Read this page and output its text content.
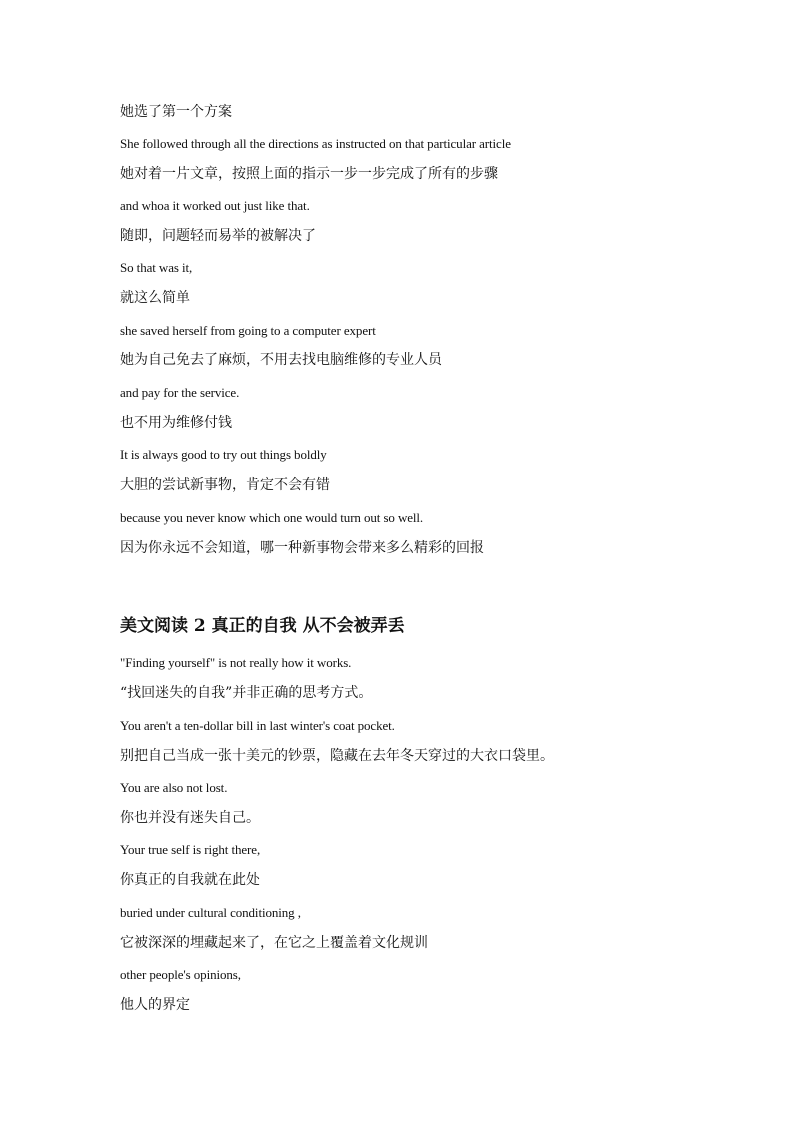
她选了第一个方案
She followed through all the directions as instructed on that particular article
她对着一片文章，按照上面的指示一步一步完成了所有的步骤
and whoa it worked out just like that.
随即，问题轻而易举的被解决了
So that was it,
就这么简单
she saved herself from going to a computer expert
她为自己免去了麻烦，不用去找电脑维修的专业人员
and pay for the service.
也不用为维修付钱
It is always good to try out things boldly
大胆的尝试新事物，肯定不会有错
because you never know which one would turn out so well.
因为你永远不会知道，哪一种新事物会带来多么精彩的回报
美文阅读 2 真正的自我 从不会被弄丢
"Finding yourself" is not really how it works.
“找回迷失的自我”并非正确的思考方式。
You aren't a ten-dollar bill in last winter's coat pocket.
别把自己当成一张十美元的钞票，隐藏在去年冬天穿过的大衣口袋里。
You are also not lost.
你也并没有迷失自己。
Your true self is right there,
你真正的自我就在此处
buried under cultural conditioning ,
它被深深的埋藏起来了，在它之上覆盖着文化规训
other people's opinions,
他人的界定
